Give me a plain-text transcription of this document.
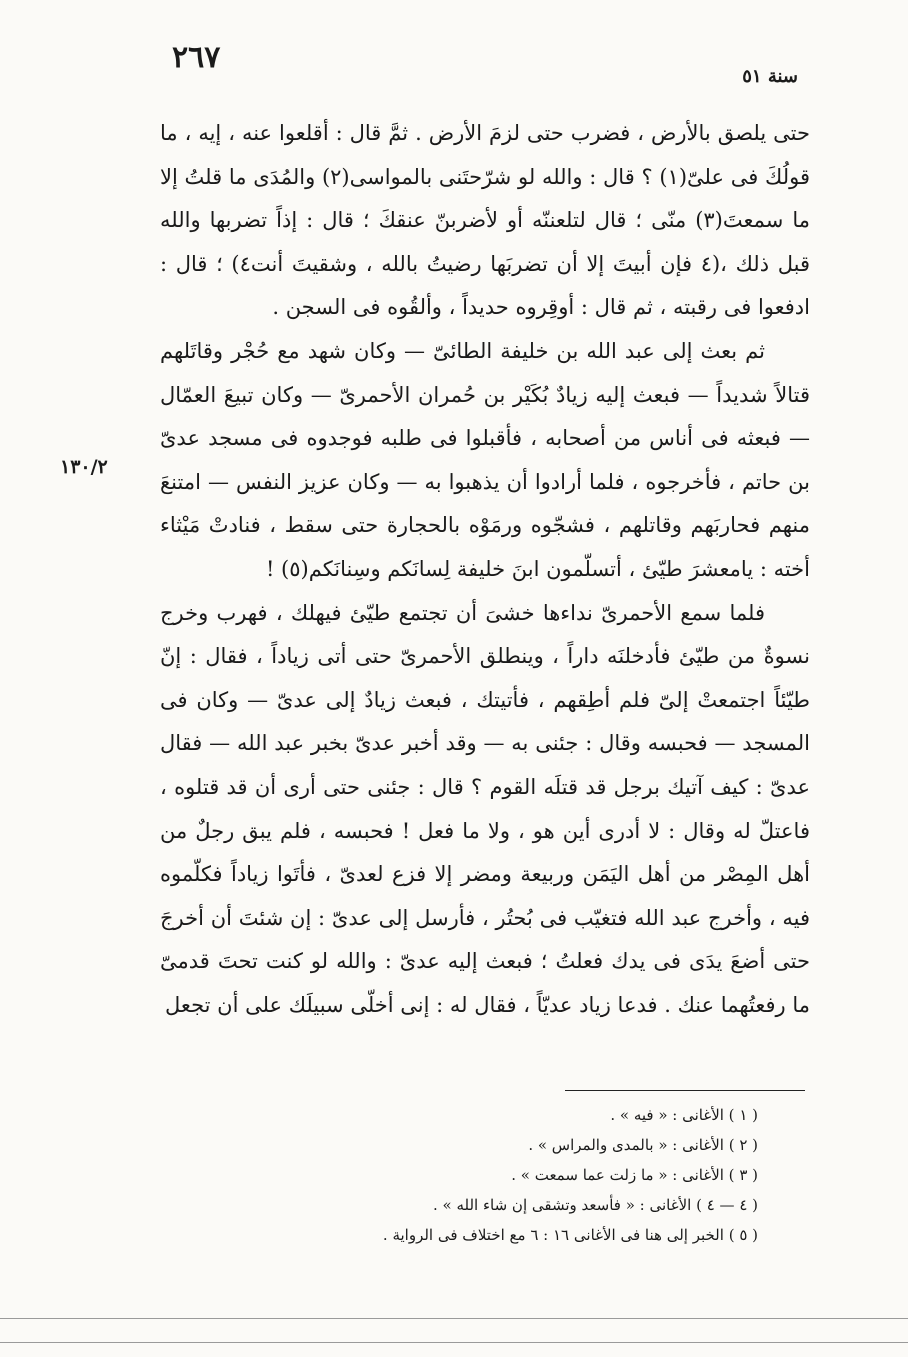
٢٦٧
سنة ٥١

حتى يلصق بالأرض ، فضرب حتى لزمَ الأرض . ثمَّ قال : أقلعوا عنه ، إيه ، ما قولُكَ فى علىّ(١) ؟ قال : والله لو شرّحتَنى بالمواسى(٢) والمُدَى ما قلتُ إلا ما سمعتَ(٣) منّى ؛ قال لتلعننّه أو لأضربنّ عنقكَ ؛ قال : إذاً تضربها والله قبل ذلك ،(٤ فإن أبيتَ إلا أن تضربَها رضيتُ بالله ، وشقيتَ أنت٤) ؛ قال : ادفعوا فى رقبته ، ثم قال : أوقِروه حديداً ، وألقُوه فى السجن .

ثم بعث إلى عبد الله بن خليفة الطائىّ — وكان شهد مع حُجْر وقاتَلهم قتالاً شديداً — فبعث إليه زيادٌ بُكَيْر بن حُمران الأحمرىّ — وكان تبيعَ العمّال — فبعثه فى أناس من أصحابه ، فأقبلوا فى طلبه فوجدوه فى مسجد عدىّ بن حاتم ، فأخرجوه ، فلما أرادوا أن يذهبوا به — وكان عزيز النفس — امتنعَ منهم فحاربَهم وقاتلهم ، فشجّوه ورمَوْه بالحجارة حتى سقط ، فنادتْ مَيْثاء أخته : يامعشرَ طيّئ ، أتسلّمون ابنَ خليفة لِسانَكم وسِنانَكم(٥) !

فلما سمع الأحمرىّ نداءها خشىَ أن تجتمع طيّئ فيهلك ، فهرب وخرج نسوةٌ من طيّئ فأدخلنَه داراً ، وينطلق الأحمرىّ حتى أتى زياداً ، فقال : إنّ طيّئاً اجتمعتْ إلىّ فلم أطِقهم ، فأتيتك ، فبعث زيادٌ إلى عدىّ — وكان فى المسجد — فحبسه وقال : جئنى به — وقد أخبر عدىّ بخبر عبد الله — فقال عدىّ : كيف آتيك برجل قد قتلَه القوم ؟ قال : جئنى حتى أرى أن قد قتلوه ، فاعتلّ له وقال : لا أدرى أين هو ، ولا ما فعل ! فحبسه ، فلم يبق رجلٌ من أهل المِصْر من أهل اليَمَن وربيعة ومضر إلا فزع لعدىّ ، فأتَوا زياداً فكلّموه فيه ، وأخرج عبد الله فتغيّب فى بُحتُر ، فأرسل إلى عدىّ : إن شئتَ أن أخرجَ حتى أضعَ يدَى فى يدك فعلتُ ؛ فبعث إليه عدىّ : والله لو كنت تحتَ قدمىّ ما رفعتُهما عنك . فدعا زياد عديّاً ، فقال له : إنى أخلّى سبيلَك على أن تجعل

١٣٠/٢
( ١ ) الأغانى : « فيه » .
( ٢ ) الأغانى : « بالمدى والمراس » .
( ٣ ) الأغانى : « ما زلت عما سمعت » .
( ٤ — ٤ ) الأغانى : « فأسعد وتشقى إن شاء الله » .
( ٥ ) الخبر إلى هنا فى الأغانى ١٦ : ٦ مع اختلاف فى الرواية .
